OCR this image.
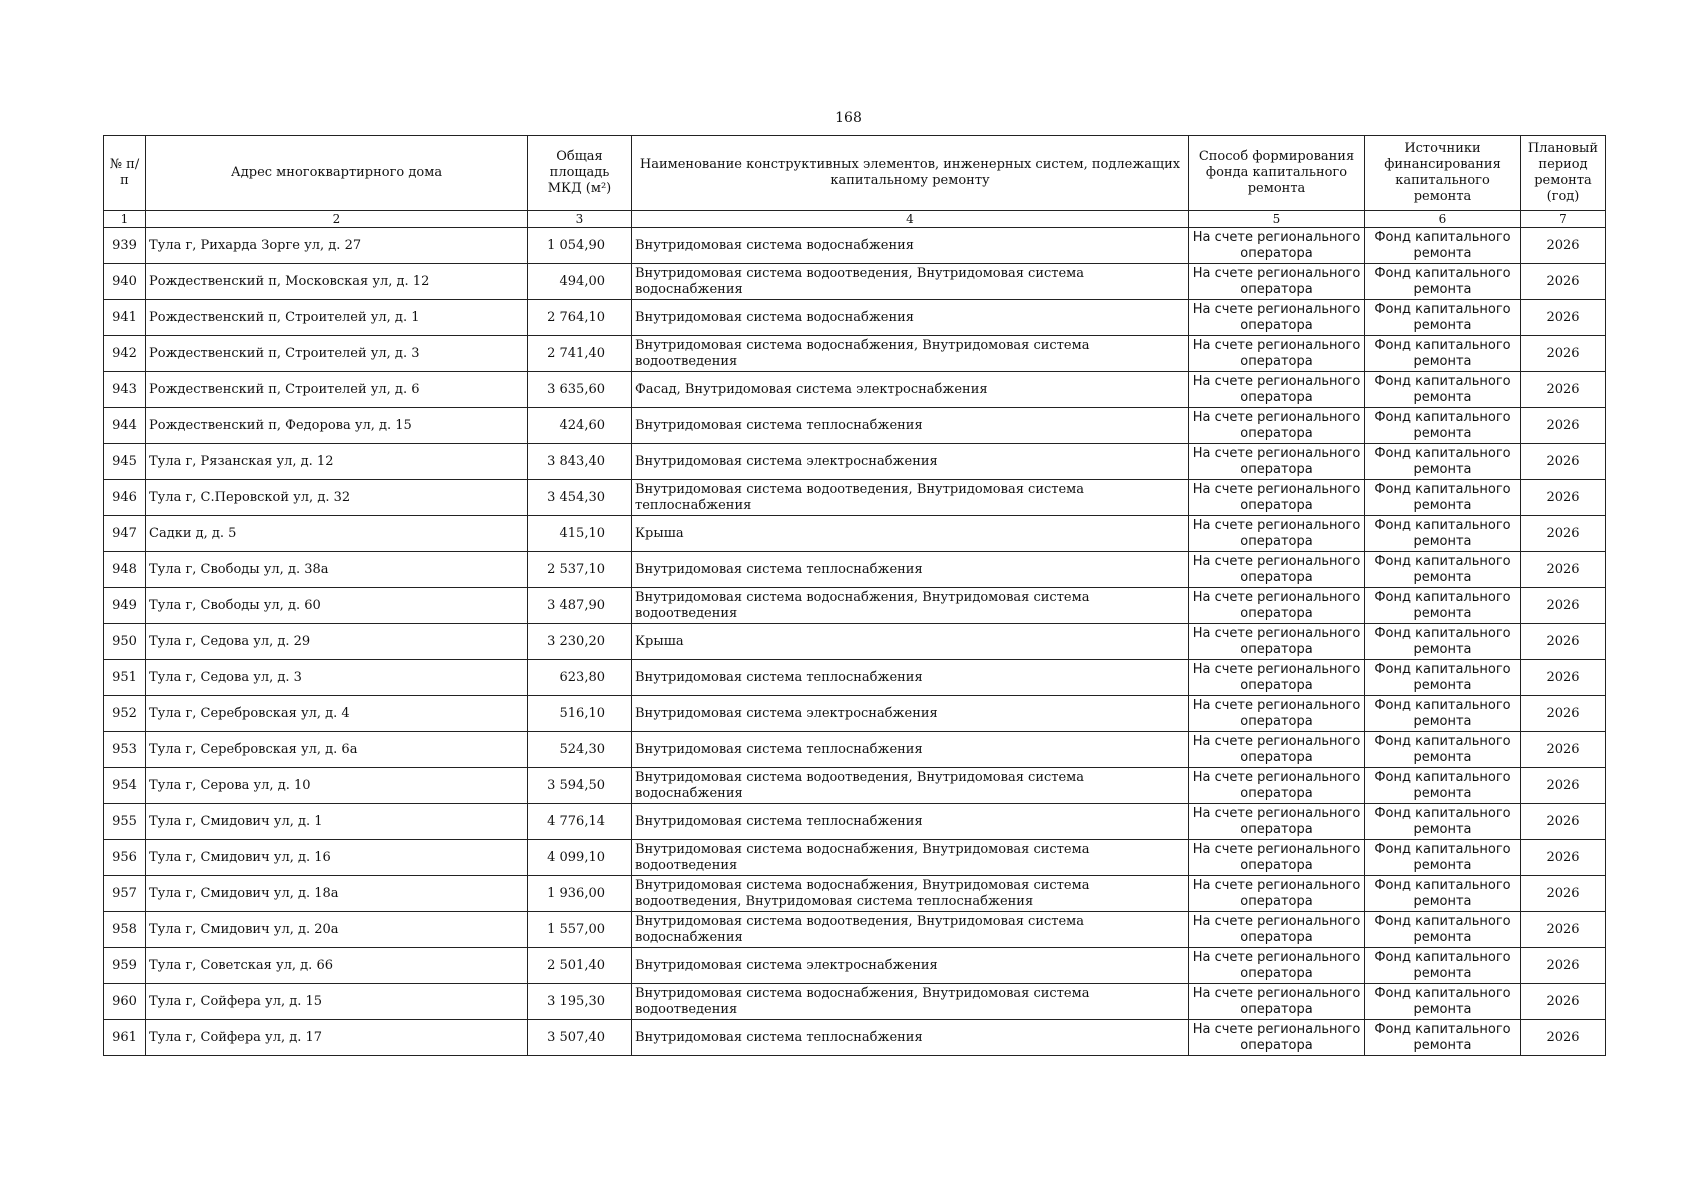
168
№ п/п	Адрес многоквартирного дома	Общая площадь МКД (м²)	Наименование конструктивных элементов, инженерных систем, подлежащих капитальному ремонту	Способ формирования фонда капитального ремонта	Источники финансирования капитального ремонта	Плановый период ремонта (год)
1	2	3	4	5	6	7
939	Тула г, Рихарда Зорге ул, д. 27	1 054,90	Внутридомовая система водоснабжения	На счете регионального оператора	Фонд капитального ремонта	2026
940	Рождественский п, Московская ул, д. 12	494,00	Внутридомовая система водоотведения, Внутридомовая система водоснабжения	На счете регионального оператора	Фонд капитального ремонта	2026
941	Рождественский п, Строителей ул, д. 1	2 764,10	Внутридомовая система водоснабжения	На счете регионального оператора	Фонд капитального ремонта	2026
942	Рождественский п, Строителей ул, д. 3	2 741,40	Внутридомовая система водоснабжения, Внутридомовая система водоотведения	На счете регионального оператора	Фонд капитального ремонта	2026
943	Рождественский п, Строителей ул, д. 6	3 635,60	Фасад, Внутридомовая система электроснабжения	На счете регионального оператора	Фонд капитального ремонта	2026
944	Рождественский п, Федорова ул, д. 15	424,60	Внутридомовая система теплоснабжения	На счете регионального оператора	Фонд капитального ремонта	2026
945	Тула г, Рязанская ул, д. 12	3 843,40	Внутридомовая система электроснабжения	На счете регионального оператора	Фонд капитального ремонта	2026
946	Тула г, С.Перовской ул, д. 32	3 454,30	Внутридомовая система водоотведения, Внутридомовая система теплоснабжения	На счете регионального оператора	Фонд капитального ремонта	2026
947	Садки д, д. 5	415,10	Крыша	На счете регионального оператора	Фонд капитального ремонта	2026
948	Тула г, Свободы ул, д. 38а	2 537,10	Внутридомовая система теплоснабжения	На счете регионального оператора	Фонд капитального ремонта	2026
949	Тула г, Свободы ул, д. 60	3 487,90	Внутридомовая система водоснабжения, Внутридомовая система водоотведения	На счете регионального оператора	Фонд капитального ремонта	2026
950	Тула г, Седова ул, д. 29	3 230,20	Крыша	На счете регионального оператора	Фонд капитального ремонта	2026
951	Тула г, Седова ул, д. 3	623,80	Внутридомовая система теплоснабжения	На счете регионального оператора	Фонд капитального ремонта	2026
952	Тула г, Серебровская ул, д. 4	516,10	Внутридомовая система электроснабжения	На счете регионального оператора	Фонд капитального ремонта	2026
953	Тула г, Серебровская ул, д. 6а	524,30	Внутридомовая система теплоснабжения	На счете регионального оператора	Фонд капитального ремонта	2026
954	Тула г, Серова ул, д. 10	3 594,50	Внутридомовая система водоотведения, Внутридомовая система водоснабжения	На счете регионального оператора	Фонд капитального ремонта	2026
955	Тула г, Смидович ул, д. 1	4 776,14	Внутридомовая система теплоснабжения	На счете регионального оператора	Фонд капитального ремонта	2026
956	Тула г, Смидович ул, д. 16	4 099,10	Внутридомовая система водоснабжения, Внутридомовая система водоотведения	На счете регионального оператора	Фонд капитального ремонта	2026
957	Тула г, Смидович ул, д. 18а	1 936,00	Внутридомовая система водоснабжения, Внутридомовая система водоотведения, Внутридомовая система теплоснабжения	На счете регионального оператора	Фонд капитального ремонта	2026
958	Тула г, Смидович ул, д. 20а	1 557,00	Внутридомовая система водоотведения, Внутридомовая система водоснабжения	На счете регионального оператора	Фонд капитального ремонта	2026
959	Тула г, Советская ул, д. 66	2 501,40	Внутридомовая система электроснабжения	На счете регионального оператора	Фонд капитального ремонта	2026
960	Тула г, Сойфера ул, д. 15	3 195,30	Внутридомовая система водоснабжения, Внутридомовая система водоотведения	На счете регионального оператора	Фонд капитального ремонта	2026
961	Тула г, Сойфера ул, д. 17	3 507,40	Внутридомовая система теплоснабжения	На счете регионального оператора	Фонд капитального ремонта	2026
